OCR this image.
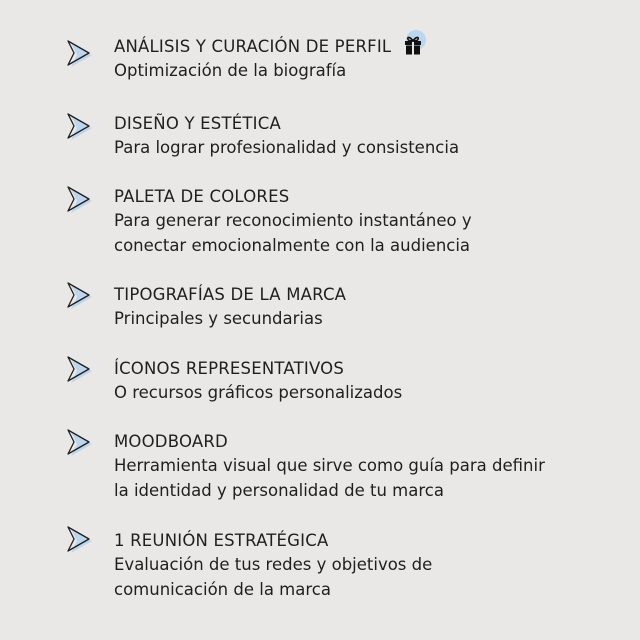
ANÁLISIS Y CURACIÓN DE PERFIL
Optimización de la biografía
DISEÑO Y ESTÉTICA
Para lograr profesionalidad y consistencia
PALETA DE COLORES
Para generar reconocimiento instantáneo y
conectar emocionalmente con la audiencia
TIPOGRAFÍAS DE LA MARCA
Principales y secundarias
ÍCONOS REPRESENTATIVOS
O recursos gráficos personalizados
MOODBOARD
Herramienta visual que sirve como guía para definir
la identidad y personalidad de tu marca
1 REUNIÓN ESTRATÉGICA
Evaluación de tus redes y objetivos de
comunicación de la marca
